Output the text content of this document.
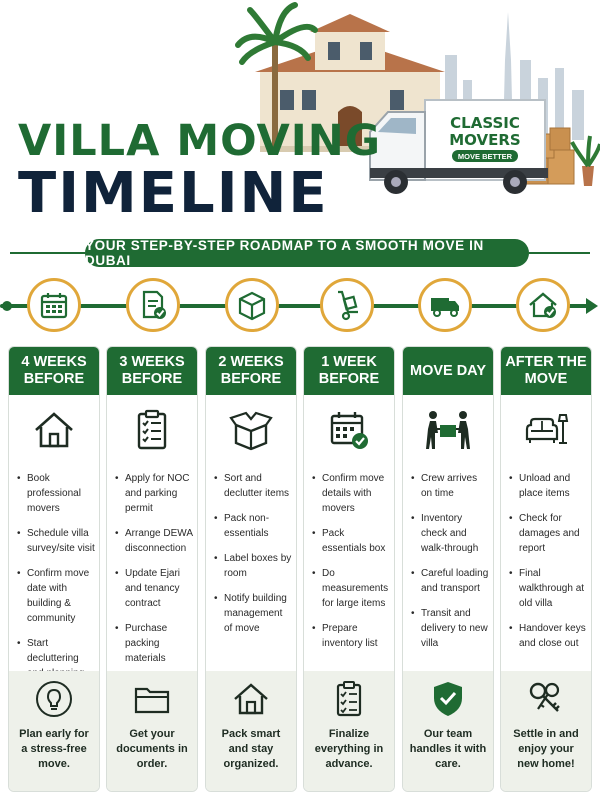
CLASSIC
MOVERS
MOVE BETTER
VILLA MOVING
TIMELINE
YOUR STEP-BY-STEP ROADMAP TO A SMOOTH MOVE IN DUBAI
4 WEEKS BEFORE
• Book professional movers
• Schedule villa survey/site visit
• Confirm move date with building & community
• Start decluttering
Plan early for a stress-free move.
3 WEEKS BEFORE
• Apply for NOC and parking permit
• Arrange DEWA disconnection
• Update Ejari and tenancy contract
• Purchase packing materials
Get your documents in order.
2 WEEKS BEFORE
• Sort and declutter items
• Pack non-essentials
• Label boxes by room
• Notify building management of move
Pack smart and stay organized.
1 WEEK BEFORE
• Confirm move details with movers
• Pack essentials box
• Do measurements for large items
• Prepare inventory list
Finalize everything in advance.
MOVE DAY
• Crew arrives on time
• Inventory check and walk-through
• Careful loading and transport
• Transit and delivery to new villa
Our team handles it with care.
AFTER THE MOVE
• Unload and place items
• Check for damages and report
• Final walkthrough at old villa
• Handover keys and close out
Settle in and enjoy your new home!
